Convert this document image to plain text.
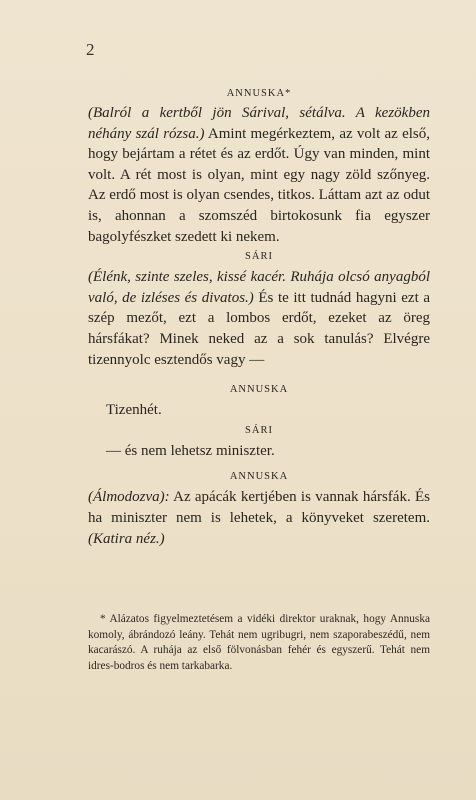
2
ANNUSKA*

(Balról a kertből jön Sárival, sétálva. A kezökben néhány szál rózsa.) Amint megérkeztem, az volt az első, hogy bejártam a rétet és az erdőt. Úgy van minden, mint volt. A rét most is olyan, mint egy nagy zöld szőnyeg. Az erdő most is olyan csendes, titkos. Láttam azt az odut is, ahonnan a szomszéd birtokosunk fia egyszer bagolyfészket szedett ki nekem.

SÁRI

(Élénk, szinte szeles, kissé kacér. Ruhája olcsó anyagból való, de izléses és divatos.) És te itt tudnád hagyni ezt a szép mezőt, ezt a lombos erdőt, ezeket az öreg hársfákat? Minek neked az a sok tanulás? Elvégre tizennyolc esztendős vagy —

ANNUSKA

Tizenhét.

SÁRI

— és nem lehetsz miniszter.

ANNUSKA

(Álmodozva): Az apácák kertjében is vannak hársfák. És ha miniszter nem is lehetek, a könyveket szeretem. (Katira néz.)

* Alázatos figyelmeztetésem a vidéki direktor uraknak, hogy Annuska komoly, ábrándozó leány. Tehát nem ugribugri, nem szaporabeszédű, nem kacarászó. A ruhája az első fölvonásban fehér és egyszerű. Tehát nem idres-bodros és nem tarkabarka.
